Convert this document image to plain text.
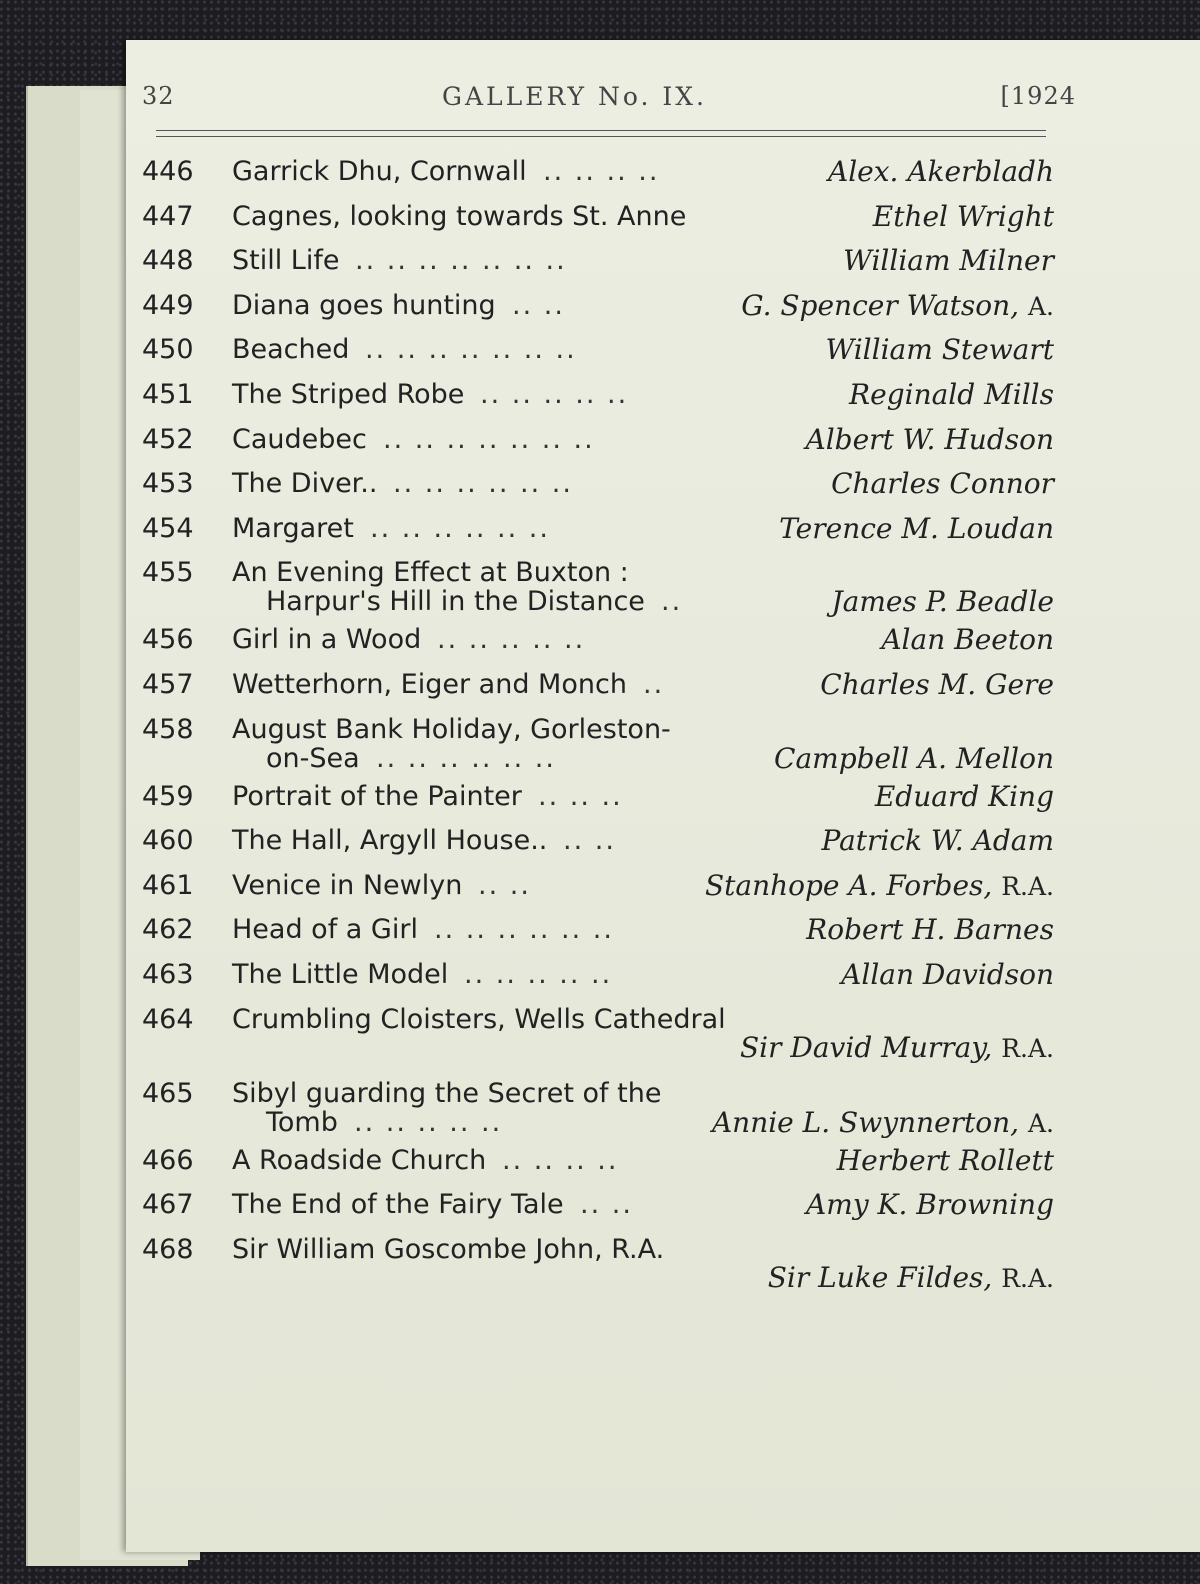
32	GALLERY No. IX.	[1924
446	Garrick Dhu, Cornwall .. .. .. ..	Alex. Akerbladh
447	Cagnes, looking towards St. Anne	Ethel Wright
448	Still Life .. .. .. .. .. .. ..	William Milner
449	Diana goes hunting .. ..	G. Spencer Watson, A.
450	Beached .. .. .. .. .. .. ..	William Stewart
451	The Striped Robe .. .. .. .. ..	Reginald Mills
452	Caudebec .. .. .. .. .. .. ..	Albert W. Hudson
453	The Diver.. .. .. .. .. .. ..	Charles Connor
454	Margaret .. .. .. .. .. ..	Terence M. Loudan
455	An Evening Effect at Buxton :
Harpur's Hill in the Distance ..	James P. Beadle
456	Girl in a Wood .. .. .. .. ..	Alan Beeton
457	Wetterhorn, Eiger and Monch ..	Charles M. Gere
458	August Bank Holiday, Gorleston-
on-Sea .. .. .. .. .. ..	Campbell A. Mellon
459	Portrait of the Painter .. .. ..	Eduard King
460	The Hall, Argyll House.. .. ..	Patrick W. Adam
461	Venice in Newlyn .. ..	Stanhope A. Forbes, R.A.
462	Head of a Girl .. .. .. .. .. ..	Robert H. Barnes
463	The Little Model .. .. .. .. ..	Allan Davidson
464	Crumbling Cloisters, Wells Cathedral
Sir David Murray, R.A.
465	Sibyl guarding the Secret of the
Tomb .. .. .. .. ..	Annie L. Swynnerton, A.
466	A Roadside Church .. .. .. ..	Herbert Rollett
467	The End of the Fairy Tale .. ..	Amy K. Browning
468	Sir William Goscombe John, R.A.
Sir Luke Fildes, R.A.
